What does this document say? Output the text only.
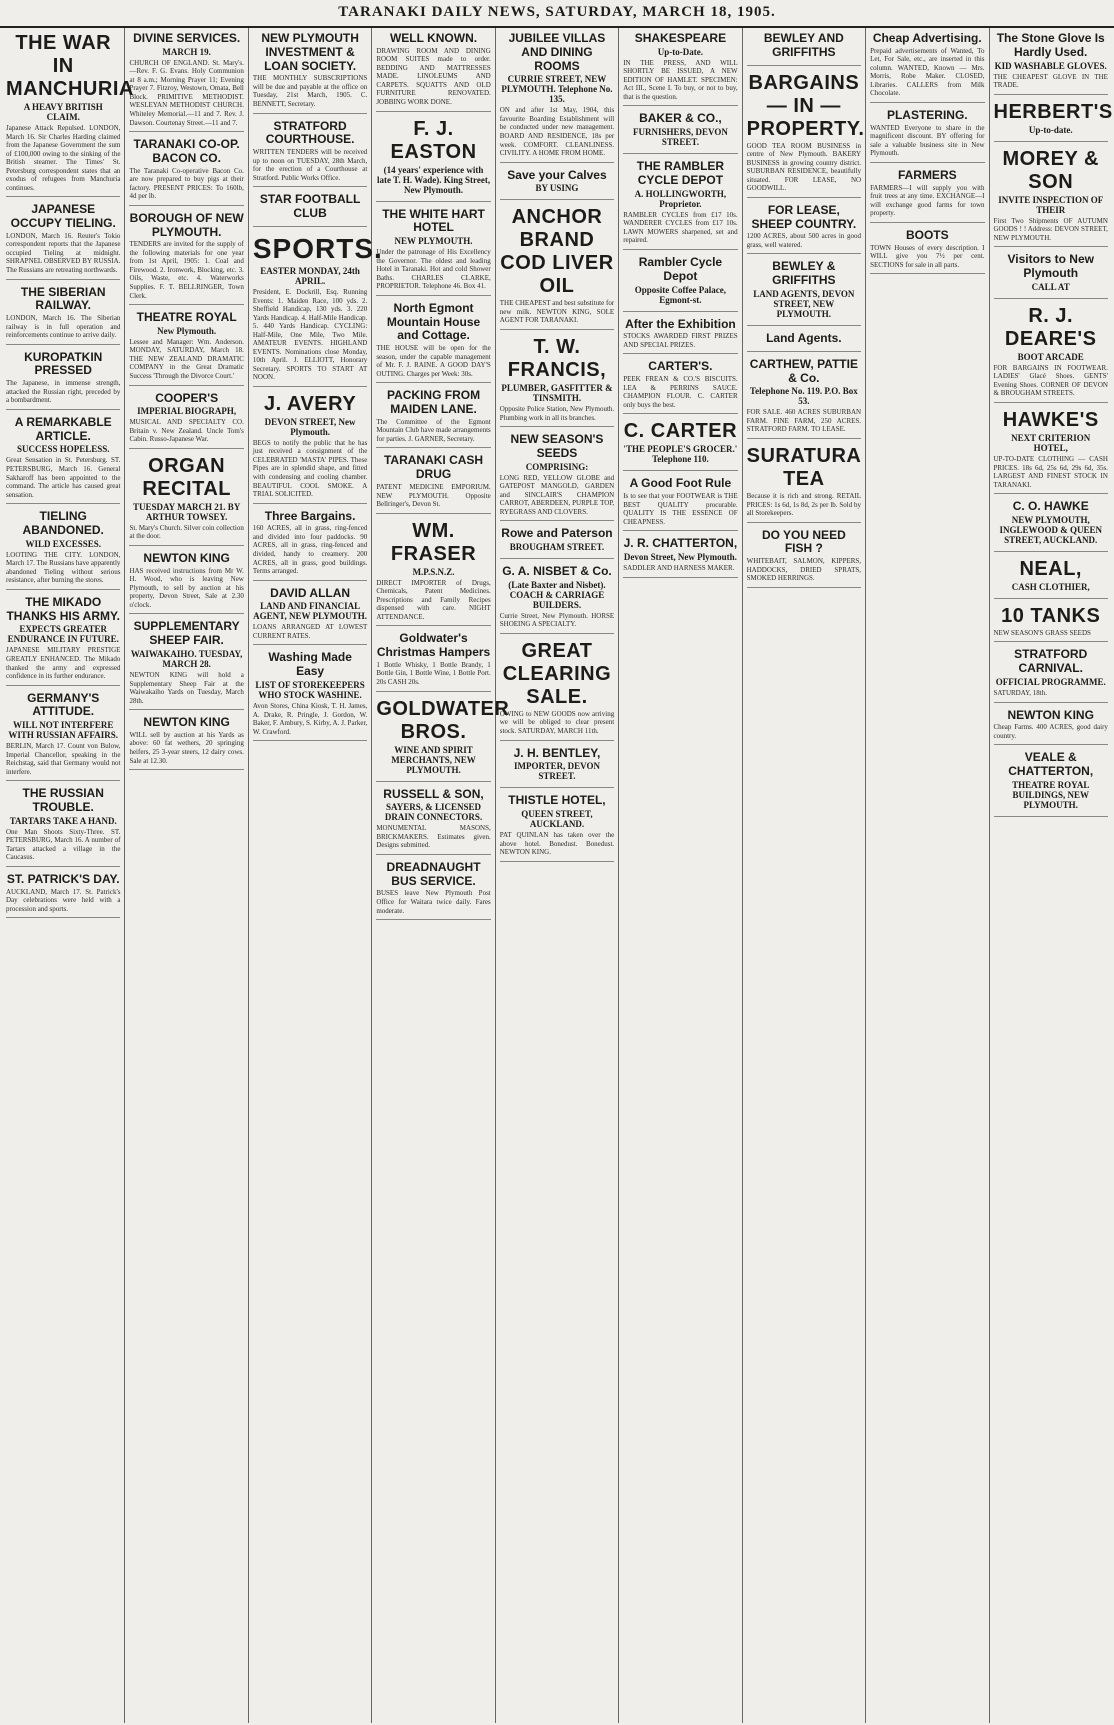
TARANAKI DAILY NEWS, SATURDAY, MARCH 18, 1905.
THE WAR IN MANCHURIA
A HEAVY BRITISH CLAIM.
Japanese Attack Repulsed. LONDON, March 16. Sir Charles Harding claimed from the Japanese Government the sum of £100,000 owing to the sinking of the British steamer. The Times' St. Petersburg correspondent states that an exodus of refugees from Manchuria continues.
JAPANESE OCCUPY TIELING.
LONDON, March 16. Reuter's Tokio correspondent reports that the Japanese occupied Tieling at midnight. SHRAPNEL OBSERVED BY RUSSIA. The Russians are retreating northwards.
THE SIBERIAN RAILWAY.
LONDON, March 16. The Siberian railway is in full operation and reinforcements continue to arrive daily.
KUROPATKIN PRESSED
The Japanese, in immense strength, attacked the Russian right, preceded by a bombardment.
A REMARKABLE ARTICLE.
SUCCESS HOPELESS.
Great Sensation in St. Petersburg. ST. PETERSBURG, March 16. General Sakharoff has been appointed to the command. The article has caused great sensation.
TIELING ABANDONED.
WILD EXCESSES.
LOOTING THE CITY. LONDON, March 17. The Russians have apparently abandoned Tieling without serious resistance, after burning the stores.
THE MIKADO THANKS HIS ARMY.
EXPECTS GREATER ENDURANCE IN FUTURE.
JAPANESE MILITARY PRESTIGE GREATLY ENHANCED. The Mikado thanked the army and expressed confidence in its further endurance.
GERMANY'S ATTITUDE.
WILL NOT INTERFERE WITH RUSSIAN AFFAIRS.
BERLIN, March 17. Count von Bulow, Imperial Chancellor, speaking in the Reichstag, said that Germany would not interfere.
THE RUSSIAN TROUBLE.
TARTARS TAKE A HAND.
One Man Shoots Sixty-Three. ST. PETERSBURG, March 16. A number of Tartars attacked a village in the Caucasus.
ST. PATRICK'S DAY.
AUCKLAND, March 17. St. Patrick's Day celebrations were held with a procession and sports.
DIVINE SERVICES.
MARCH 19.
CHURCH OF ENGLAND. St. Mary's.—Rev. F. G. Evans. Holy Communion at 8 a.m.; Morning Prayer 11; Evening Prayer 7. Fitzroy, Westown, Omata, Bell Block. PRIMITIVE METHODIST. WESLEYAN METHODIST CHURCH. Whiteley Memorial.—11 and 7. Rev. J. Dawson. Courtenay Street.—11 and 7.
TARANAKI CO-OP. BACON CO.
The Taranaki Co-operative Bacon Co. are now prepared to buy pigs at their factory. PRESENT PRICES: To 160lb, 4d per lb.
BOROUGH OF NEW PLYMOUTH.
TENDERS are invited for the supply of the following materials for one year from 1st April, 1905: 1. Coal and Firewood. 2. Ironwork, Blocking, etc. 3. Oils, Waste, etc. 4. Waterworks Supplies. F. T. BELLRINGER, Town Clerk.
THEATRE ROYAL
New Plymouth.
Lessee and Manager: Wm. Anderson. MONDAY, SATURDAY, March 18. THE NEW ZEALAND DRAMATIC COMPANY in the Great Dramatic Success 'Through the Divorce Court.'
COOPER'S
IMPERIAL BIOGRAPH,
MUSICAL AND SPECIALTY CO. Britain v. New Zealand. Uncle Tom's Cabin. Russo-Japanese War.
ORGAN RECITAL
TUESDAY MARCH 21. BY ARTHUR TOWSEY.
St. Mary's Church. Silver coin collection at the door.
NEWTON KING
HAS received instructions from Mr W. H. Wood, who is leaving New Plymouth, to sell by auction at his property, Devon Street, Sale at 2.30 o'clock.
SUPPLEMENTARY SHEEP FAIR.
WAIWAKAIHO. TUESDAY, MARCH 28.
NEWTON KING will hold a Supplementary Sheep Fair at the Waiwakaiho Yards on Tuesday, March 28th.
NEWTON KING
WILL sell by auction at his Yards as above: 60 fat wethers, 20 springing heifers, 25 3-year steers, 12 dairy cows. Sale at 12.30.
NEW PLYMOUTH INVESTMENT & LOAN SOCIETY.
THE MONTHLY SUBSCRIPTIONS will be due and payable at the office on Tuesday, 21st March, 1905. C. BENNETT, Secretary.
STRATFORD COURTHOUSE.
WRITTEN TENDERS will be received up to noon on TUESDAY, 28th March, for the erection of a Courthouse at Stratford. Public Works Office.
STAR FOOTBALL CLUB
SPORTS.
EASTER MONDAY, 24th APRIL.
President, E. Dockrill, Esq. Running Events: 1. Maiden Race, 100 yds. 2. Sheffield Handicap, 130 yds. 3. 220 Yards Handicap. 4. Half-Mile Handicap. 5. 440 Yards Handicap. CYCLING: Half-Mile, One Mile, Two Mile. AMATEUR EVENTS. HIGHLAND EVENTS. Nominations close Monday, 10th April. J. ELLIOTT, Honorary Secretary. SPORTS TO START AT NOON.
J. AVERY
DEVON STREET, New Plymouth.
BEGS to notify the public that he has just received a consignment of the CELEBRATED 'MASTA' PIPES. These Pipes are in splendid shape, and fitted with condensing and cooling chamber. BEAUTIFUL COOL SMOKE. A TRIAL SOLICITED.
Three Bargains.
160 ACRES, all in grass, ring-fenced and divided into four paddocks. 90 ACRES, all in grass, ring-fenced and divided, handy to creamery. 200 ACRES, all in grass, good buildings. Terms arranged.
DAVID ALLAN
LAND AND FINANCIAL AGENT, NEW PLYMOUTH.
LOANS ARRANGED AT LOWEST CURRENT RATES.
Washing Made Easy
LIST OF STOREKEEPERS WHO STOCK WASHINE.
Avon Stores, China Kiosk, T. H. James, A. Drake, R. Pringle, J. Gordon, W. Baker, F. Ambury, S. Kirby, A. J. Parker, W. Crawford.
WELL KNOWN.
DRAWING ROOM AND DINING ROOM SUITES made to order. BEDDING AND MATTRESSES MADE. LINOLEUMS AND CARPETS. SQUATTS AND OLD FURNITURE RENOVATED. JOBBING WORK DONE.
F. J. EASTON
(14 years' experience with late T. H. Wade). King Street, New Plymouth.
THE WHITE HART HOTEL
NEW PLYMOUTH.
Under the patronage of His Excellency the Governor. The oldest and leading Hotel in Taranaki. Hot and cold Shower Baths. CHARLES CLARKE, PROPRIETOR. Telephone 46. Box 41.
North Egmont Mountain House and Cottage.
THE HOUSE will be open for the season, under the capable management of Mr. F. J. RAINE. A GOOD DAY'S OUTING. Charges per Week: 30s.
PACKING FROM MAIDEN LANE.
The Committee of the Egmont Mountain Club have made arrangements for parties. J. GARNER, Secretary.
TARANAKI CASH DRUG
PATENT MEDICINE EMPORIUM. NEW PLYMOUTH. Opposite Bellringer's, Devon St.
WM. FRASER
M.P.S.N.Z.
DIRECT IMPORTER of Drugs, Chemicals, Patent Medicines. Prescriptions and Family Recipes dispensed with care. NIGHT ATTENDANCE.
Goldwater's Christmas Hampers
1 Bottle Whisky, 1 Bottle Brandy, 1 Bottle Gin, 1 Bottle Wine, 1 Bottle Port. 20s CASH 20s.
GOLDWATER BROS.
WINE AND SPIRIT MERCHANTS, NEW PLYMOUTH.
RUSSELL & SON,
SAYERS, & LICENSED DRAIN CONNECTORS.
MONUMENTAL MASONS, BRICKMAKERS. Estimates given. Designs submitted.
DREADNAUGHT BUS SERVICE.
BUSES leave New Plymouth Post Office for Waitara twice daily. Fares moderate.
JUBILEE VILLAS AND DINING ROOMS
CURRIE STREET, NEW PLYMOUTH. Telephone No. 135.
ON and after 1st May, 1904, this favourite Boarding Establishment will be conducted under new management. BOARD AND RESIDENCE, 18s per week. COMFORT. CLEANLINESS. CIVILITY. A HOME FROM HOME.
Save your Calves
BY USING
ANCHOR BRAND COD LIVER OIL
THE CHEAPEST and best substitute for new milk. NEWTON KING, SOLE AGENT FOR TARANAKI.
T. W. FRANCIS,
PLUMBER, GASFITTER & TINSMITH.
Opposite Police Station, New Plymouth. Plumbing work in all its branches.
NEW SEASON'S SEEDS
COMPRISING:
LONG RED, YELLOW GLOBE and GATEPOST MANGOLD, GARDEN and SINCLAIR'S CHAMPION CARROT, ABERDEEN, PURPLE TOP, RYEGRASS AND CLOVERS.
Rowe and Paterson
BROUGHAM STREET.
G. A. NISBET & Co.
(Late Baxter and Nisbet). COACH & CARRIAGE BUILDERS.
Currie Street, New Plymouth. HORSE SHOEING A SPECIALTY.
GREAT CLEARING SALE.
OWING to NEW GOODS now arriving we will be obliged to clear present stock. SATURDAY, MARCH 11th.
J. H. BENTLEY,
IMPORTER, DEVON STREET.
THISTLE HOTEL,
QUEEN STREET, AUCKLAND.
PAT QUINLAN has taken over the above hotel. Bonedust. Bonedust. NEWTON KING.
SHAKESPEARE
Up-to-Date.
IN THE PRESS, AND WILL SHORTLY BE ISSUED, A NEW EDITION OF HAMLET. SPECIMEN: Act III., Scene I. To buy, or not to buy, that is the question.
BAKER & CO.,
FURNISHERS, DEVON STREET.
THE RAMBLER CYCLE DEPOT
A. HOLLINGWORTH, Proprietor.
RAMBLER CYCLES from £17 10s. WANDERER CYCLES from £17 10s. LAWN MOWERS sharpened, set and repaired.
Rambler Cycle Depot
Opposite Coffee Palace, Egmont-st.
After the Exhibition
STOCKS AWARDED FIRST PRIZES AND SPECIAL PRIZES.
CARTER'S.
PEEK FREAN & CO.'S BISCUITS. LEA & PERRINS SAUCE. CHAMPION FLOUR. C. CARTER only buys the best.
C. CARTER
'THE PEOPLE'S GROCER.' Telephone 110.
A Good Foot Rule
Is to see that your FOOTWEAR is THE BEST QUALITY procurable. QUALITY IS THE ESSENCE OF CHEAPNESS.
J. R. CHATTERTON,
Devon Street, New Plymouth.
SADDLER AND HARNESS MAKER.
BEWLEY AND GRIFFITHS
BARGAINS — IN — PROPERTY.
GOOD TEA ROOM BUSINESS in centre of New Plymouth. BAKERY BUSINESS in growing country district. SUBURBAN RESIDENCE, beautifully situated. FOR LEASE, NO GOODWILL.
FOR LEASE, SHEEP COUNTRY.
1200 ACRES, about 500 acres in good grass, well watered.
BEWLEY & GRIFFITHS
LAND AGENTS, DEVON STREET, NEW PLYMOUTH.
Land Agents.
CARTHEW, PATTIE & Co.
Telephone No. 119. P.O. Box 53.
FOR SALE. 460 ACRES SUBURBAN FARM. FINE FARM, 250 ACRES. STRATFORD FARM. TO LEASE.
SURATURA TEA
Because it is rich and strong. RETAIL PRICES: 1s 6d, 1s 8d, 2s per lb. Sold by all Storekeepers.
DO YOU NEED FISH ?
WHITEBAIT, SALMON, KIPPERS, HADDOCKS, DRIED SPRATS, SMOKED HERRINGS.
Cheap Advertising.
Prepaid advertisements of Wanted, To Let, For Sale, etc., are inserted in this column. WANTED, Known — Mrs. Morris, Robe Maker. CLOSED, Libraries. CALLERS from Milk Chocolate.
PLASTERING.
WANTED Everyone to share in the magnificent discount. BY offering for sale a valuable business site in New Plymouth.
FARMERS
FARMERS—I will supply you with fruit trees at any time. EXCHANGE—I will exchange good farms for town property.
BOOTS
TOWN Houses of every description. I WILL give you 7½ per cent. SECTIONS for sale in all parts.
The Stone Glove Is Hardly Used.
KID WASHABLE GLOVES.
THE CHEAPEST GLOVE IN THE TRADE.
HERBERT'S
Up-to-date.
MOREY & SON
INVITE INSPECTION OF THEIR
First Two Shipments OF AUTUMN GOODS ! ! Address: DEVON STREET, NEW PLYMOUTH.
Visitors to New Plymouth
CALL AT
R. J. DEARE'S
BOOT ARCADE
FOR BARGAINS IN FOOTWEAR. LADIES' Glacé Shoes. GENTS' Evening Shoes. CORNER OF DEVON & BROUGHAM STREETS.
HAWKE'S
NEXT CRITERION HOTEL,
UP-TO-DATE CLOTHING — CASH PRICES. 18s 6d, 25s 6d, 29s 6d, 35s. LARGEST AND FINEST STOCK IN TARANAKI.
C. O. HAWKE
NEW PLYMOUTH, INGLEWOOD & QUEEN STREET, AUCKLAND.
NEAL,
CASH CLOTHIER,
10 TANKS
NEW SEASON'S GRASS SEEDS
STRATFORD CARNIVAL.
OFFICIAL PROGRAMME.
SATURDAY, 18th.
NEWTON KING
Cheap Farms. 400 ACRES, good dairy country.
VEALE & CHATTERTON,
THEATRE ROYAL BUILDINGS, NEW PLYMOUTH.
